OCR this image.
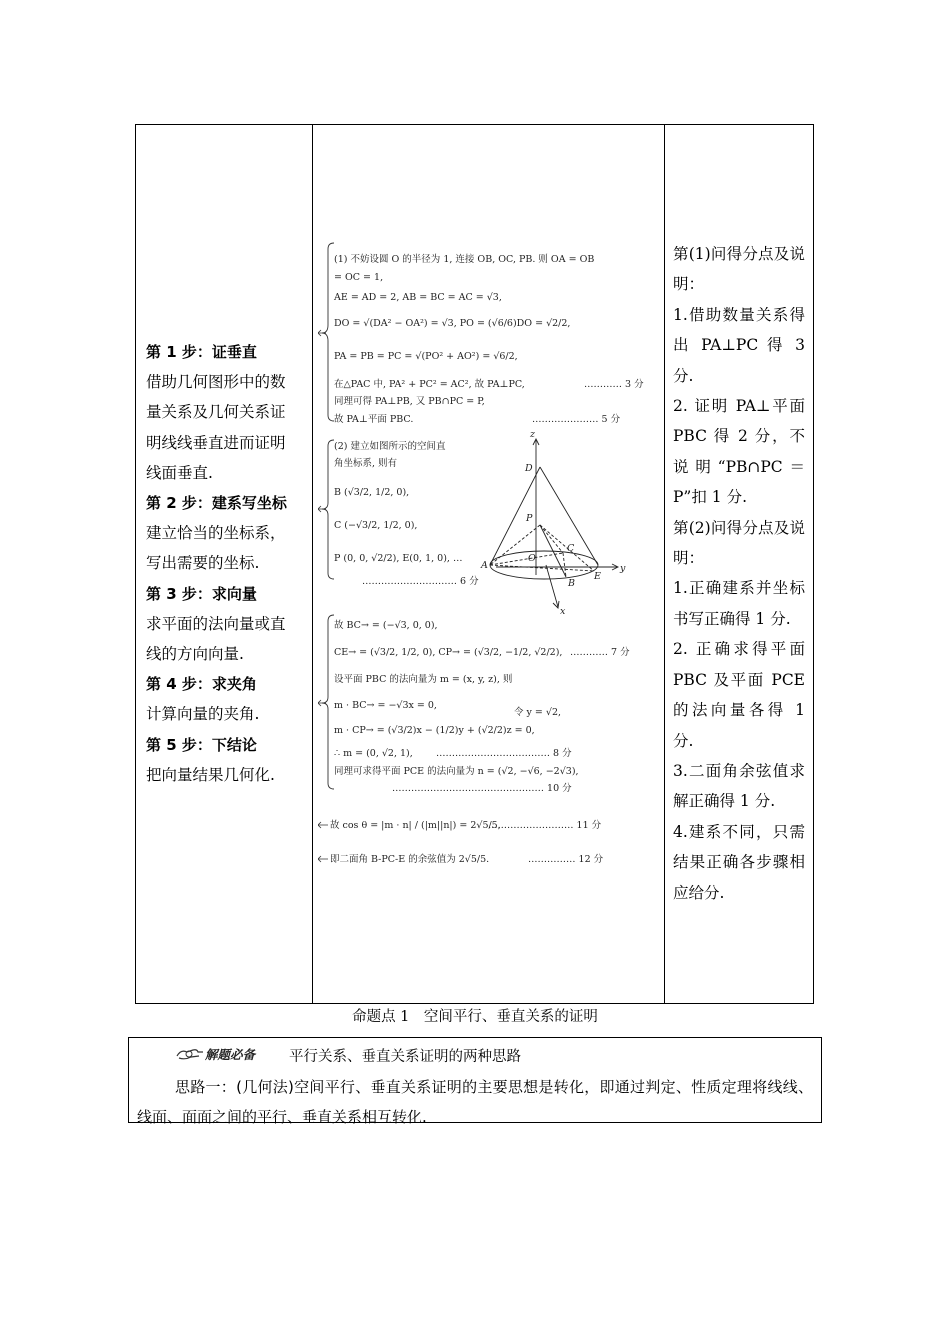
第 1 步：证垂直
借助几何图形中的数
量关系及几何关系证
明线线垂直进而证明
线面垂直.
第 2 步：建系写坐标
建立恰当的坐标系，
写出需要的坐标.
第 3 步：求向量
求平面的法向量或直
线的方向向量.
第 4 步：求夹角
计算向量的夹角.
第 5 步：下结论
把向量结果几何化.
(1) 不妨设圆 O 的半径为 1, 连接 OB, OC, PB. 则 OA = OB
= OC = 1,
AE = AD = 2, AB = BC = AC = √3,
DO = √(DA² − OA²) = √3, PO = (√6/6)DO = √2/2,
PA = PB = PC = √(PO² + AO²) = √6/2,
在△PAC 中, PA² + PC² = AC², 故 PA⊥PC,	………… 3 分
同理可得 PA⊥PB, 又 PB∩PC = P,
故 PA⊥平面 PBC.	………………… 5 分
(2) 建立如图所示的空间直
角坐标系, 则有
B (√3/2, 1/2, 0),
C (−√3/2, 1/2, 0),
P (0, 0, √2/2), E(0, 1, 0), …
………………………… 6 分
z
D
P
C
O
A
B
E
y
x
故 BC→ = (−√3, 0, 0),
CE→ = (√3/2, 1/2, 0), CP→ = (√3/2, −1/2, √2/2), ………… 7 分
设平面 PBC 的法向量为 m = (x, y, z), 则
m · BC→ = −√3x = 0,
m · CP→ = (√3/2)x − (1/2)y + (√2/2)z = 0,
令 y = √2,
∴ m = (0, √2, 1), ……………………………… 8 分
同理可求得平面 PCE 的法向量为 n = (√2, −√6, −2√3),
………………………………………… 10 分
故 cos θ = |m · n| / (|m||n|) = 2√5/5,
……………………… 11 分
即二面角 B-PC-E 的余弦值为 2√5/5.	…………… 12 分
第(1)问得分点及说明：
1.借助数量关系得出 PA⊥PC 得 3 分.
2. 证明 PA⊥平面 PBC 得 2 分，不说明“PB∩PC＝P”扣 1 分.
第(2)问得分点及说明：
1.正确建系并坐标书写正确得 1 分.
2. 正确求得平面 PBC 及平面 PCE 的法向量各得 1 分.
3.二面角余弦值求解正确得 1 分.
4.建系不同，只需结果正确各步骤相应给分.
命题点 1　空间平行、垂直关系的证明
解题必备 平行关系、垂直关系证明的两种思路
思路一：(几何法)空间平行、垂直关系证明的主要思想是转化，即通过判定、性质定理将线线、线面、面面之间的平行、垂直关系相互转化.
